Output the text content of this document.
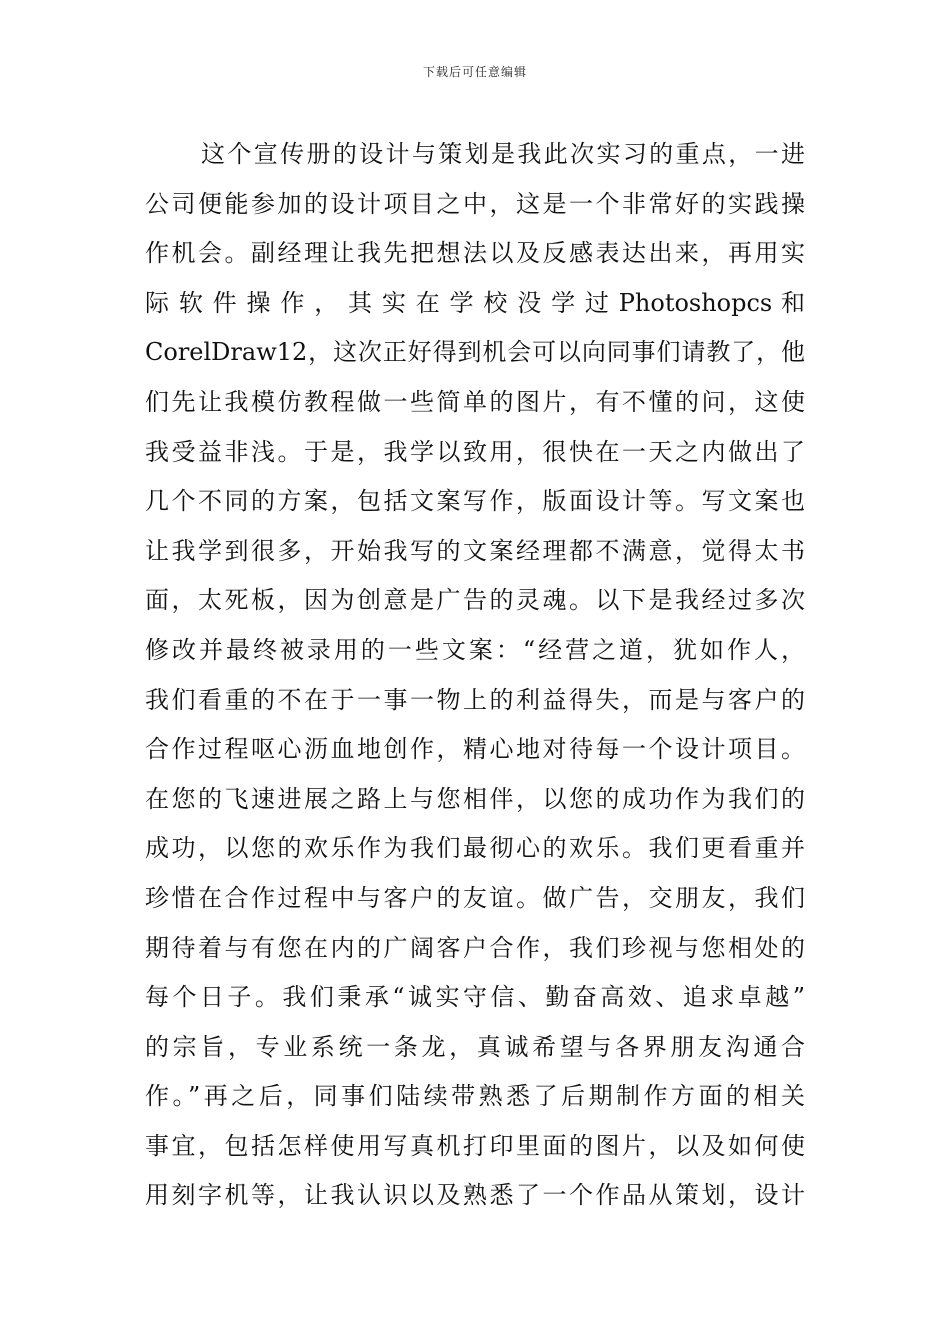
下载后可任意编辑
这个宣传册的设计与策划是我此次实习的重点，一进
公司便能参加的设计项目之中，这是一个非常好的实践操
作机会。副经理让我先把想法以及反感表达出来，再用实
际 软 件 操 作 ， 其 实 在 学 校 没 学 过 Photoshopcs 和
CorelDraw12，这次正好得到机会可以向同事们请教了，他
们先让我模仿教程做一些简单的图片，有不懂的问，这使
我受益非浅。于是，我学以致用，很快在一天之内做出了
几个不同的方案，包括文案写作，版面设计等。写文案也
让我学到很多，开始我写的文案经理都不满意，觉得太书
面，太死板，因为创意是广告的灵魂。以下是我经过多次
修改并最终被录用的一些文案：“经营之道，犹如作人，
我们看重的不在于一事一物上的利益得失，而是与客户的
合作过程呕心沥血地创作，精心地对待每一个设计项目。
在您的飞速进展之路上与您相伴，以您的成功作为我们的
成功，以您的欢乐作为我们最彻心的欢乐。我们更看重并
珍惜在合作过程中与客户的友谊。做广告，交朋友，我们
期待着与有您在内的广阔客户合作，我们珍视与您相处的
每个日子。我们秉承“诚实守信、勤奋高效、追求卓越”
的宗旨，专业系统一条龙，真诚希望与各界朋友沟通合
作。”再之后，同事们陆续带熟悉了后期制作方面的相关
事宜，包括怎样使用写真机打印里面的图片，以及如何使
用刻字机等，让我认识以及熟悉了一个作品从策划，设计
